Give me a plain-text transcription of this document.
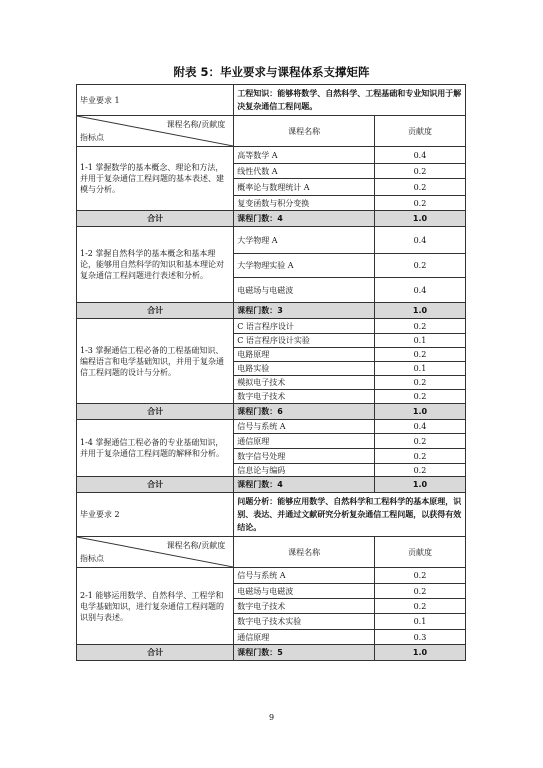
附表 5：毕业要求与课程体系支撑矩阵
毕业要求 1	工程知识：能够将数学、自然科学、工程基础和专业知识用于解决复杂通信工程问题。	

课程名称/贡献度
指标点	课程名称	贡献度
1-1 掌握数学的基本概念、理论和方法，并用于复杂通信工程问题的基本表述、建模与分析。	高等数学 A	0.4
	线性代数 A	0.2
	概率论与数理统计 A	0.2
	复变函数与积分变换	0.2
合计	课程门数：4	1.0
1-2 掌握自然科学的基本概念和基本理论，能够用自然科学的知识和基本理论对复杂通信工程问题进行表述和分析。	大学物理 A	0.4
	大学物理实验 A	0.2
	电磁场与电磁波	0.4
合计	课程门数：3	1.0
1-3 掌握通信工程必备的工程基础知识、编程语言和电学基础知识，并用于复杂通信工程问题的设计与分析。	C 语言程序设计	0.2
	C 语言程序设计实验	0.1
	电路原理	0.2
	电路实验	0.1
	模拟电子技术	0.2
	数字电子技术	0.2
合计	课程门数：6	1.0
1-4 掌握通信工程必备的专业基础知识，并用于复杂通信工程问题的解释和分析。	信号与系统 A	0.4
	通信原理	0.2
	数字信号处理	0.2
	信息论与编码	0.2
合计	课程门数：4	1.0
毕业要求 2	问题分析：能够应用数学、自然科学和工程科学的基本原理，识别、表达、并通过文献研究分析复杂通信工程问题，以获得有效结论。	

课程名称/贡献度
指标点	课程名称	贡献度
2-1 能够运用数学、自然科学、工程学和电学基础知识，进行复杂通信工程问题的识别与表述。	信号与系统 A	0.2
	电磁场与电磁波	0.2
	数字电子技术	0.2
	数字电子技术实验	0.1
	通信原理	0.3
合计	课程门数：5	1.0
9
